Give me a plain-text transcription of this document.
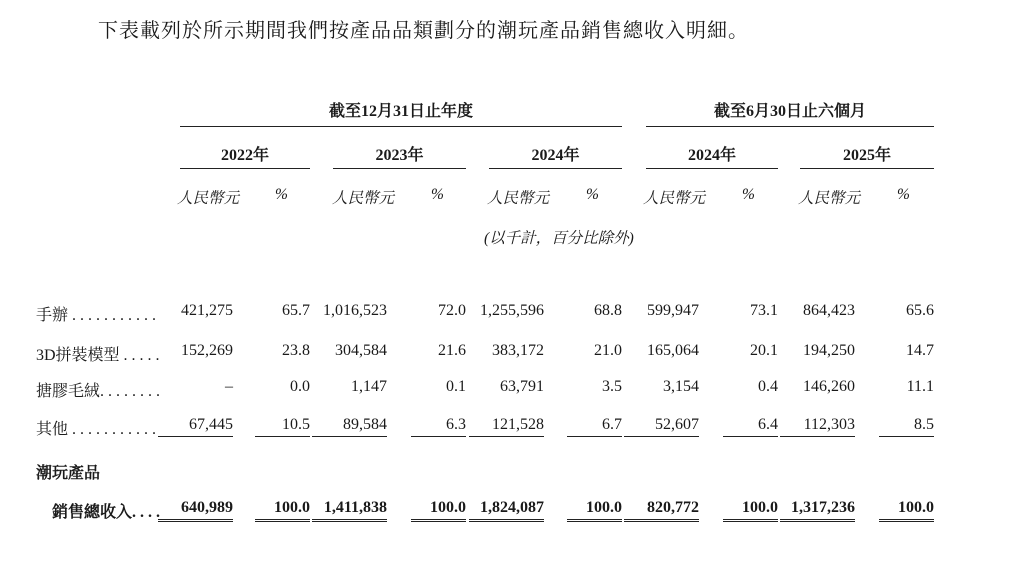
下表載列於所示期間我們按產品品類劃分的潮玩產品銷售總收入明細。
截至12月31日止年度	截至6月30日止六個月
2022年	2023年	2024年	2024年	2025年
人民幣元 %	人民幣元 %	人民幣元 %	人民幣元 %	人民幣元 %
(以千計，百分比除外)
手辦 . . . . . . . . . . .	421,275	65.7 1,016,523	72.0 1,255,596	68.8	599,947	73.1	864,423	65.6
3D拼裝模型 . . . . .	152,269	23.8	304,584	21.6	383,172	21.0	165,064	20.1	194,250	14.7
搪膠毛絨. . . . . . . .	–	0.0	1,147	0.1	63,791	3.5	3,154	0.4	146,260	11.1
其他 . . . . . . . . . . .	67,445	10.5	89,584	6.3	121,528	6.7	52,607	6.4	112,303	8.5
潮玩產品
銷售總收入. . . .	640,989	100.0 1,411,838	100.0 1,824,087	100.0	820,772	100.0 1,317,236	100.0
